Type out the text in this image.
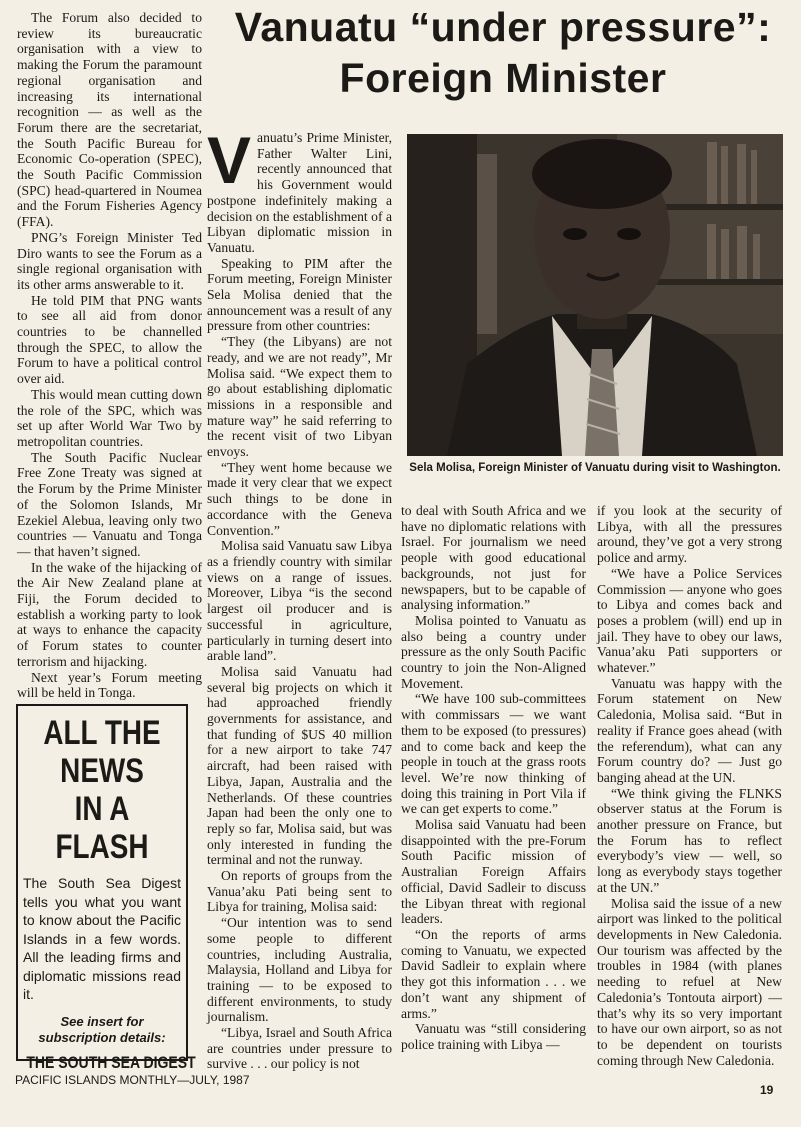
The Forum also decided to review its bureaucratic organisation with a view to making the Forum the paramount regional organisation and increasing its international recognition — as well as the Forum there are the secretariat, the South Pacific Bureau for Economic Co-operation (SPEC), the South Pacific Commission (SPC) head-quartered in Noumea and the Forum Fisheries Agency (FFA).

PNG’s Foreign Minister Ted Diro wants to see the Forum as a single regional organisation with its other arms answerable to it.

He told PIM that PNG wants to see all aid from donor countries to be channelled through the SPEC, to allow the Forum to have a political control over aid.

This would mean cutting down the role of the SPC, which was set up after World War Two by metropolitan countries.

The South Pacific Nuclear Free Zone Treaty was signed at the Forum by the Prime Minister of the Solomon Islands, Mr Ezekiel Alebua, leaving only two countries — Vanuatu and Tonga — that haven’t signed.

In the wake of the hijacking of the Air New Zealand plane at Fiji, the Forum decided to establish a working party to look at ways to enhance the capacity of Forum states to counter terrorism and hijacking.

Next year’s Forum meeting will be held in Tonga.

Vanuatu “under pressure”:
Foreign Minister

Vanuatu’s Prime Minister, Father Walter Lini, recently announced that his Government would postpone indefinitely making a decision on the establishment of a Libyan diplomatic mission in Vanuatu.

Speaking to PIM after the Forum meeting, Foreign Minister Sela Molisa denied that the announcement was a result of any pressure from other countries:

“They (the Libyans) are not ready, and we are not ready”, Mr Molisa said. “We expect them to go about establishing diplomatic missions in a responsible and mature way” he said referring to the recent visit of two Libyan envoys.

“They went home because we made it very clear that we expect such things to be done in accordance with the Geneva Convention.”

Molisa said Vanuatu saw Libya as a friendly country with similar views on a range of issues. Moreover, Libya “is the second largest oil producer and is successful in agriculture, particularly in turning desert into arable land”.

Molisa said Vanuatu had several big projects on which it had approached friendly governments for assistance, and that funding of $US 40 million for a new airport to take 747 aircraft, had been raised with Libya, Japan, Australia and the Netherlands. Of these countries Japan had been the only one to reply so far, Molisa said, but was only interested in funding the terminal and not the runway.

On reports of groups from the Vanua’aku Pati being sent to Libya for training, Molisa said:

“Our intention was to send some people to different countries, including Australia, Malaysia, Holland and Libya for training — to be exposed to different environments, to study journalism.

“Libya, Israel and South Africa are countries under pressure to survive . . . our policy is not

Sela Molisa, Foreign Minister of Vanuatu during visit to Washington.

to deal with South Africa and we have no diplomatic relations with Israel. For journalism we need people with good educational backgrounds, not just for newspapers, but to be capable of analysing information.”

Molisa pointed to Vanuatu as also being a country under pressure as the only South Pacific country to join the Non-Aligned Movement.

“We have 100 sub-committees with commissars — we want them to be exposed (to pressures) and to come back and keep the people in touch at the grass roots level. We’re now thinking of doing this training in Port Vila if we can get experts to come.”

Molisa said Vanuatu had been disappointed with the pre-Forum South Pacific mission of Australian Foreign Affairs official, David Sadleir to discuss the Libyan threat with regional leaders.

“On the reports of arms coming to Vanuatu, we expected David Sadleir to explain where they got this information . . . we don’t want any shipment of arms.”

Vanuatu was “still considering police training with Libya —

if you look at the security of Libya, with all the pressures around, they’ve got a very strong police and army.

“We have a Police Services Commission — anyone who goes to Libya and comes back and poses a problem (will) end up in jail. They have to obey our laws, Vanua’aku Pati supporters or whatever.”

Vanuatu was happy with the Forum statement on New Caledonia, Molisa said. “But in reality if France goes ahead (with the referendum), what can any Forum country do? — Just go banging ahead at the UN.

“We think giving the FLNKS observer status at the Forum is another pressure on France, but the Forum has to reflect everybody’s view — well, so long as everybody stays together at the UN.”

Molisa said the issue of a new airport was linked to the political developments in New Caledonia. Our tourism was affected by the troubles in 1984 (with planes needing to refuel at New Caledonia’s Tontouta airport) — that’s why its so very important to have our own airport, so as not to be dependent on tourists coming through New Caledonia.

ALL THE
NEWS
IN A
FLASH
The South Sea Digest tells you what you want to know about the Pacific Islands in a few words. All the leading firms and diplomatic missions read it.
See insert for subscription details:
THE SOUTH SEA DIGEST
PACIFIC ISLANDS MONTHLY—JULY, 1987
19
